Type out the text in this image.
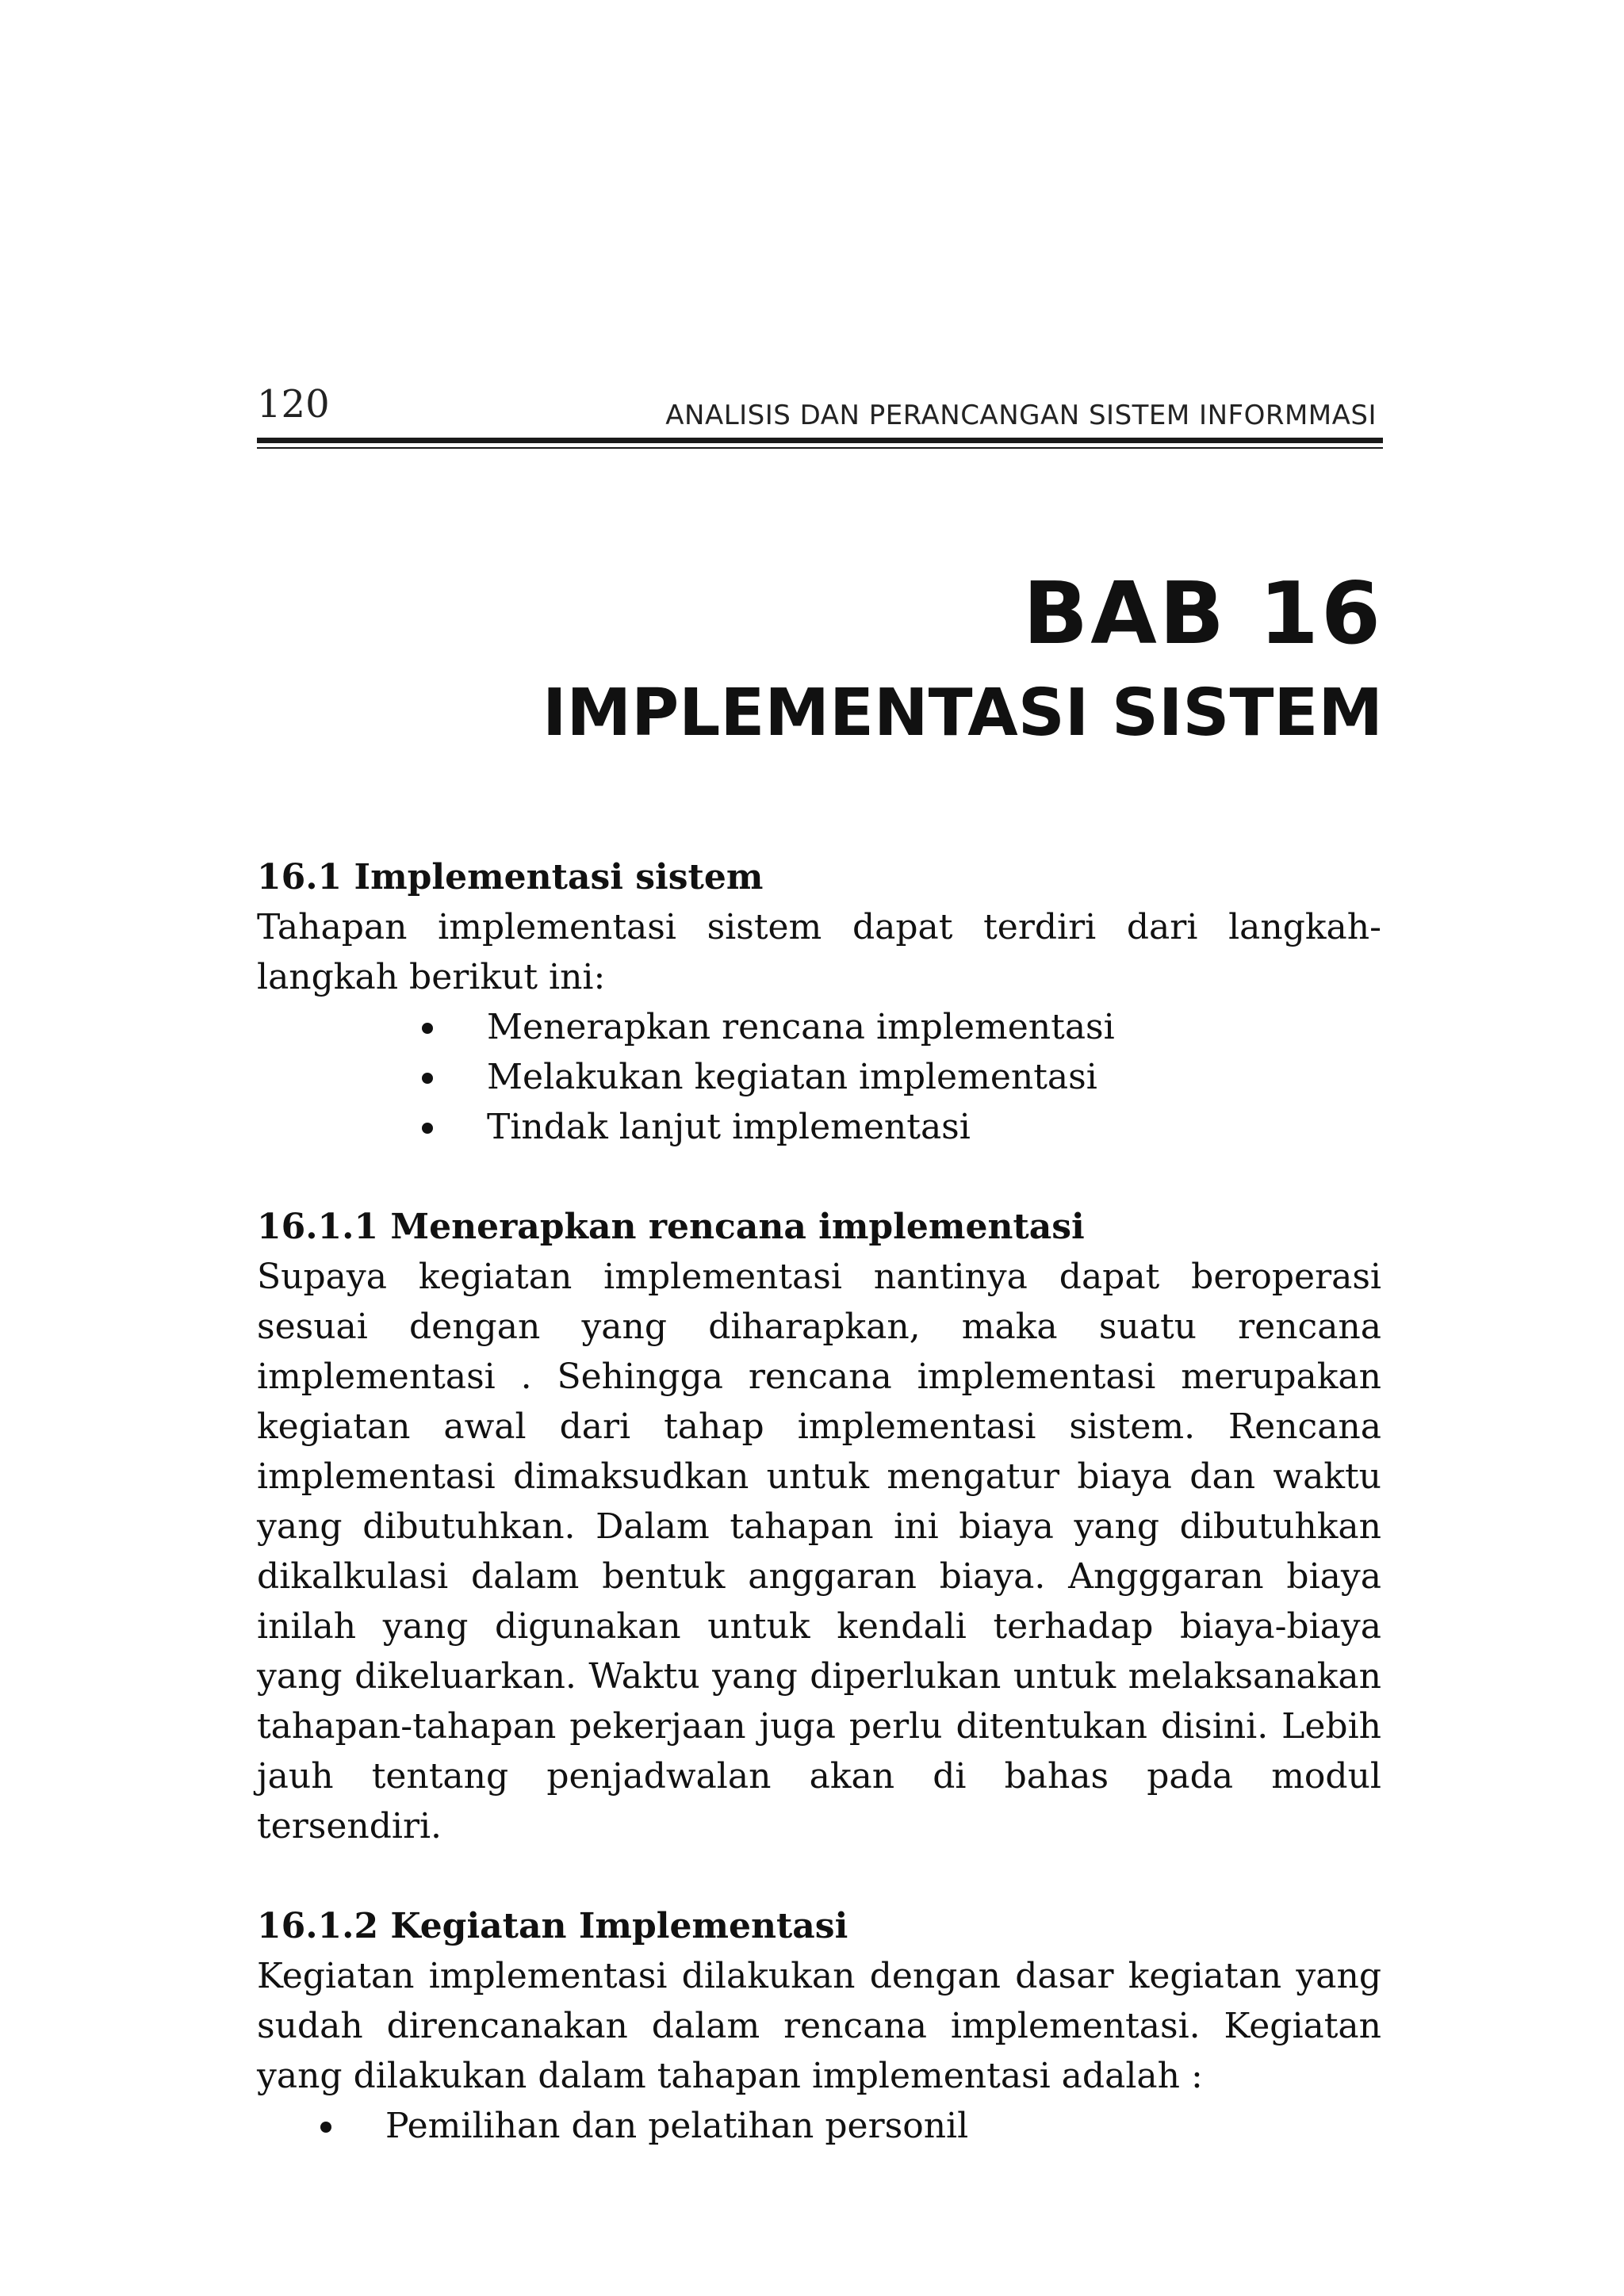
120	ANALISIS DAN PERANCANGAN SISTEM INFORMMASI
BAB 16
IMPLEMENTASI SISTEM
16.1 Implementasi sistem

Tahapan implementasi sistem dapat terdiri dari langkah-langkah berikut ini:

Menerapkan rencana implementasi
Melakukan kegiatan implementasi
Tindak lanjut implementasi
16.1.1 Menerapkan rencana implementasi

Supaya kegiatan implementasi nantinya dapat beroperasi sesuai dengan yang diharapkan, maka suatu rencana implementasi . Sehingga rencana implementasi merupakan kegiatan awal dari tahap implementasi sistem. Rencana implementasi dimaksudkan untuk mengatur biaya dan waktu yang dibutuhkan. Dalam tahapan ini biaya yang dibutuhkan dikalkulasi dalam bentuk anggaran biaya. Angggaran biaya inilah yang digunakan untuk kendali terhadap biaya-biaya yang dikeluarkan. Waktu yang diperlukan untuk melaksanakan tahapan-tahapan pekerjaan juga perlu ditentukan disini. Lebih jauh tentang penjadwalan akan di bahas pada modul tersendiri.

16.1.2 Kegiatan Implementasi

Kegiatan implementasi dilakukan dengan dasar kegiatan yang sudah direncanakan dalam rencana implementasi. Kegiatan yang dilakukan dalam tahapan implementasi adalah :

Pemilihan dan pelatihan personil
